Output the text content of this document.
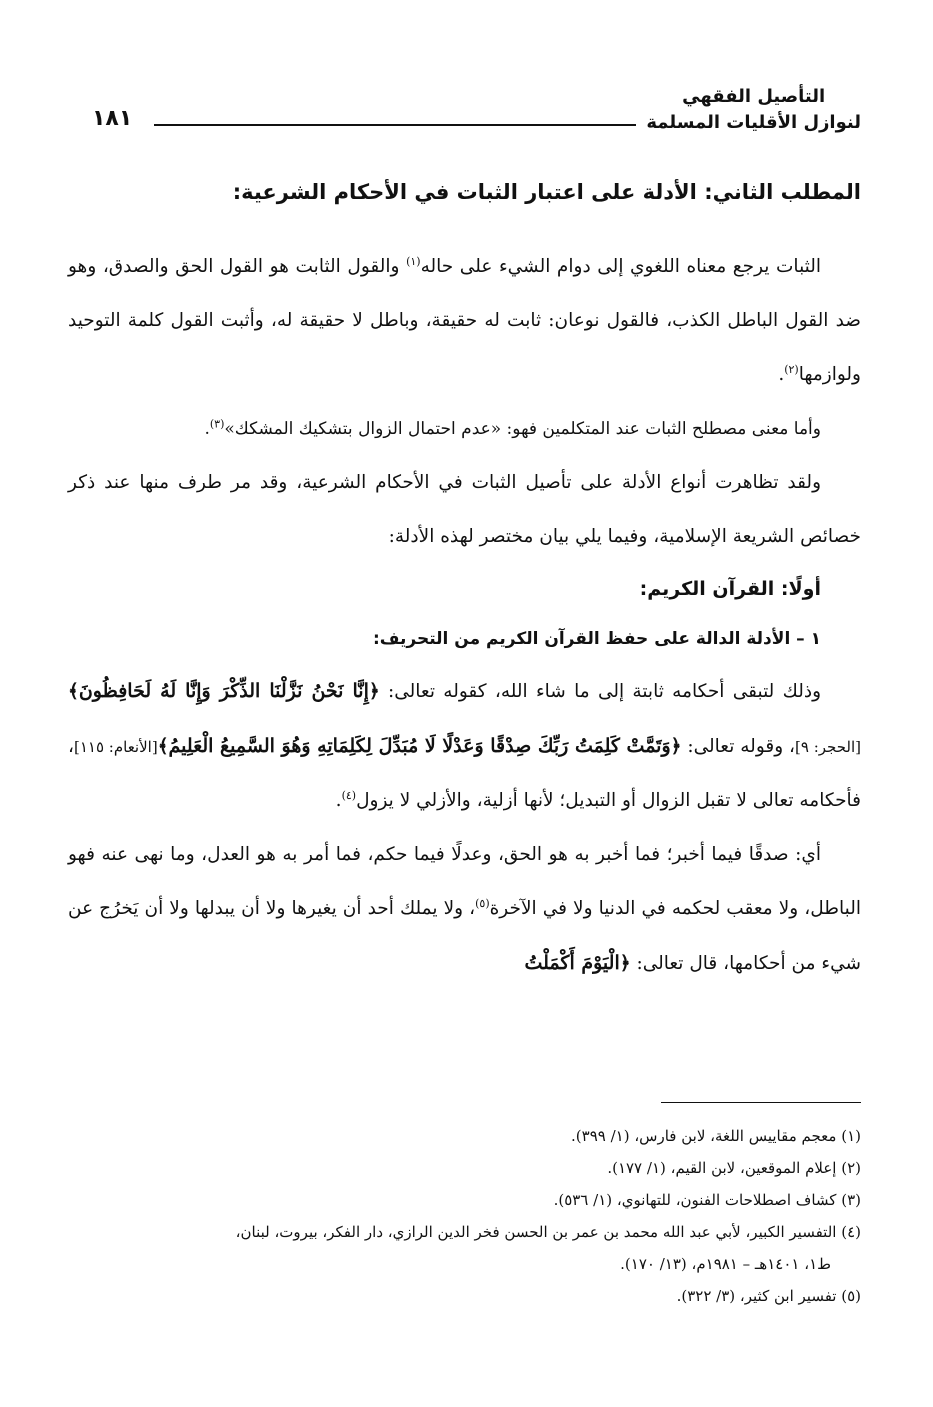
١٨١
التأصيل الفقهي
لنوازل الأقليات المسلمة
المطلب الثاني: الأدلة على اعتبار الثبات في الأحكام الشرعية:

الثبات يرجع معناه اللغوي إلى دوام الشيء على حاله$^{(١)}$ والقول الثابت هو القول الحق والصدق، وهو ضد القول الباطل الكذب، فالقول نوعان: ثابت له حقيقة، وباطل لا حقيقة له، وأثبت القول كلمة التوحيد ولوازمها$^{(٢)}$.

وأما معنى مصطلح الثبات عند المتكلمين فهو: «عدم احتمال الزوال بتشكيك المشكك»$^{(٣)}$.

ولقد تظاهرت أنواع الأدلة على تأصيل الثبات في الأحكام الشرعية، وقد مر طرف منها عند ذكر خصائص الشريعة الإسلامية، وفيما يلي بيان مختصر لهذه الأدلة:

أولًا: القرآن الكريم:
١ – الأدلة الدالة على حفظ القرآن الكريم من التحريف:

وذلك لتبقى أحكامه ثابتة إلى ما شاء الله، كقوله تعالى: ﴿إِنَّا نَحْنُ نَزَّلْنَا الذِّكْرَ وَإِنَّا لَهُ لَحَافِظُونَ﴾[الحجر: ٩]، وقوله تعالى: ﴿وَتَمَّتْ كَلِمَتُ رَبِّكَ صِدْقًا وَعَدْلًا لَا مُبَدِّلَ لِكَلِمَاتِهِ وَهُوَ السَّمِيعُ الْعَلِيمُ﴾[الأنعام: ١١٥]، فأحكامه تعالى لا تقبل الزوال أو التبديل؛ لأنها أزلية، والأزلي لا يزول$^{(٤)}$.

أي: صدقًا فيما أخبر؛ فما أخبر به هو الحق، وعدلًا فيما حكم، فما أمر به هو العدل، وما نهى عنه فهو الباطل، ولا معقب لحكمه في الدنيا ولا في الآخرة$^{(٥)}$، ولا يملك أحد أن يغيرها ولا أن يبدلها ولا أن يَخرُج عن شيء من أحكامها، قال تعالى: ﴿الْيَوْمَ أَكْمَلْتُ

(١) معجم مقاييس اللغة، لابن فارس، (١/ ٣٩٩).

(٢) إعلام الموقعين، لابن القيم، (١/ ١٧٧).

(٣) كشاف اصطلاحات الفنون، للتهانوي، (١/ ٥٣٦).

(٤) التفسير الكبير، لأبي عبد الله محمد بن عمر بن الحسن فخر الدين الرازي، دار الفكر، بيروت، لبنان،

ط١، ١٤٠١هـ – ١٩٨١م، (١٣/ ١٧٠).

(٥) تفسير ابن كثير، (٣/ ٣٢٢).
